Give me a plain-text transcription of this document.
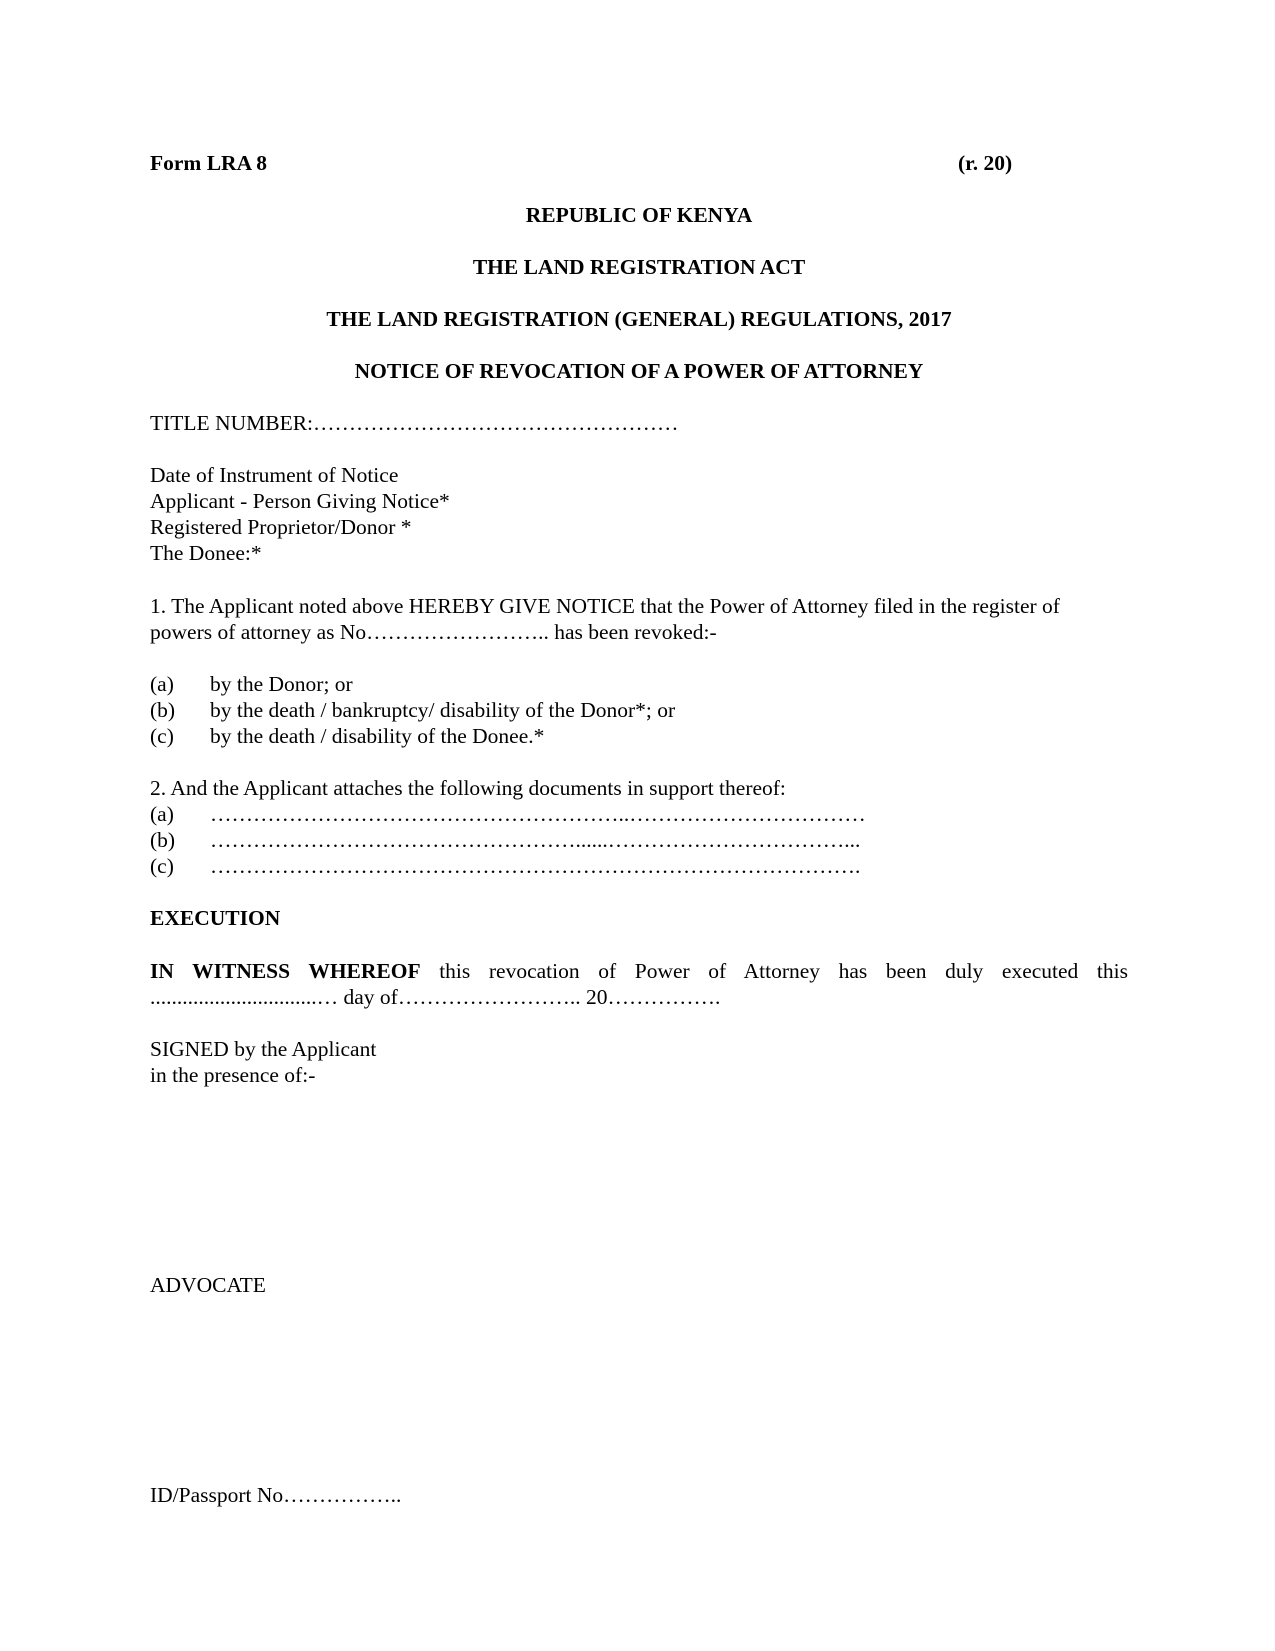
Form LRA 8	(r. 20)
REPUBLIC OF KENYA
THE LAND REGISTRATION ACT
THE LAND REGISTRATION (GENERAL) REGULATIONS, 2017
NOTICE OF REVOCATION OF A POWER OF ATTORNEY
TITLE NUMBER:……………………………………………
Date of Instrument of Notice
Applicant - Person Giving Notice*
Registered Proprietor/Donor *
The Donee:*
1. The Applicant noted above HEREBY GIVE NOTICE that the Power of Attorney filed in the register of
powers of attorney as No…………………….. has been revoked:-
(a) by the Donor; or
(b) by the death / bankruptcy/ disability of the Donor*; or
(c) by the death / disability of the Donee.*
2. And the Applicant attaches the following documents in support thereof:
(a) …………………………………………………..……………………………
(b) ……………………………………………......……………………………...
(c) ……………………………………………………………………………….
EXECUTION
IN WITNESS WHEREOF this revocation of Power of Attorney has been duly executed this
...............................… day of…………………….. 20…………….
SIGNED by the Applicant
in the presence of:-
ADVOCATE
ID/Passport No……………..
